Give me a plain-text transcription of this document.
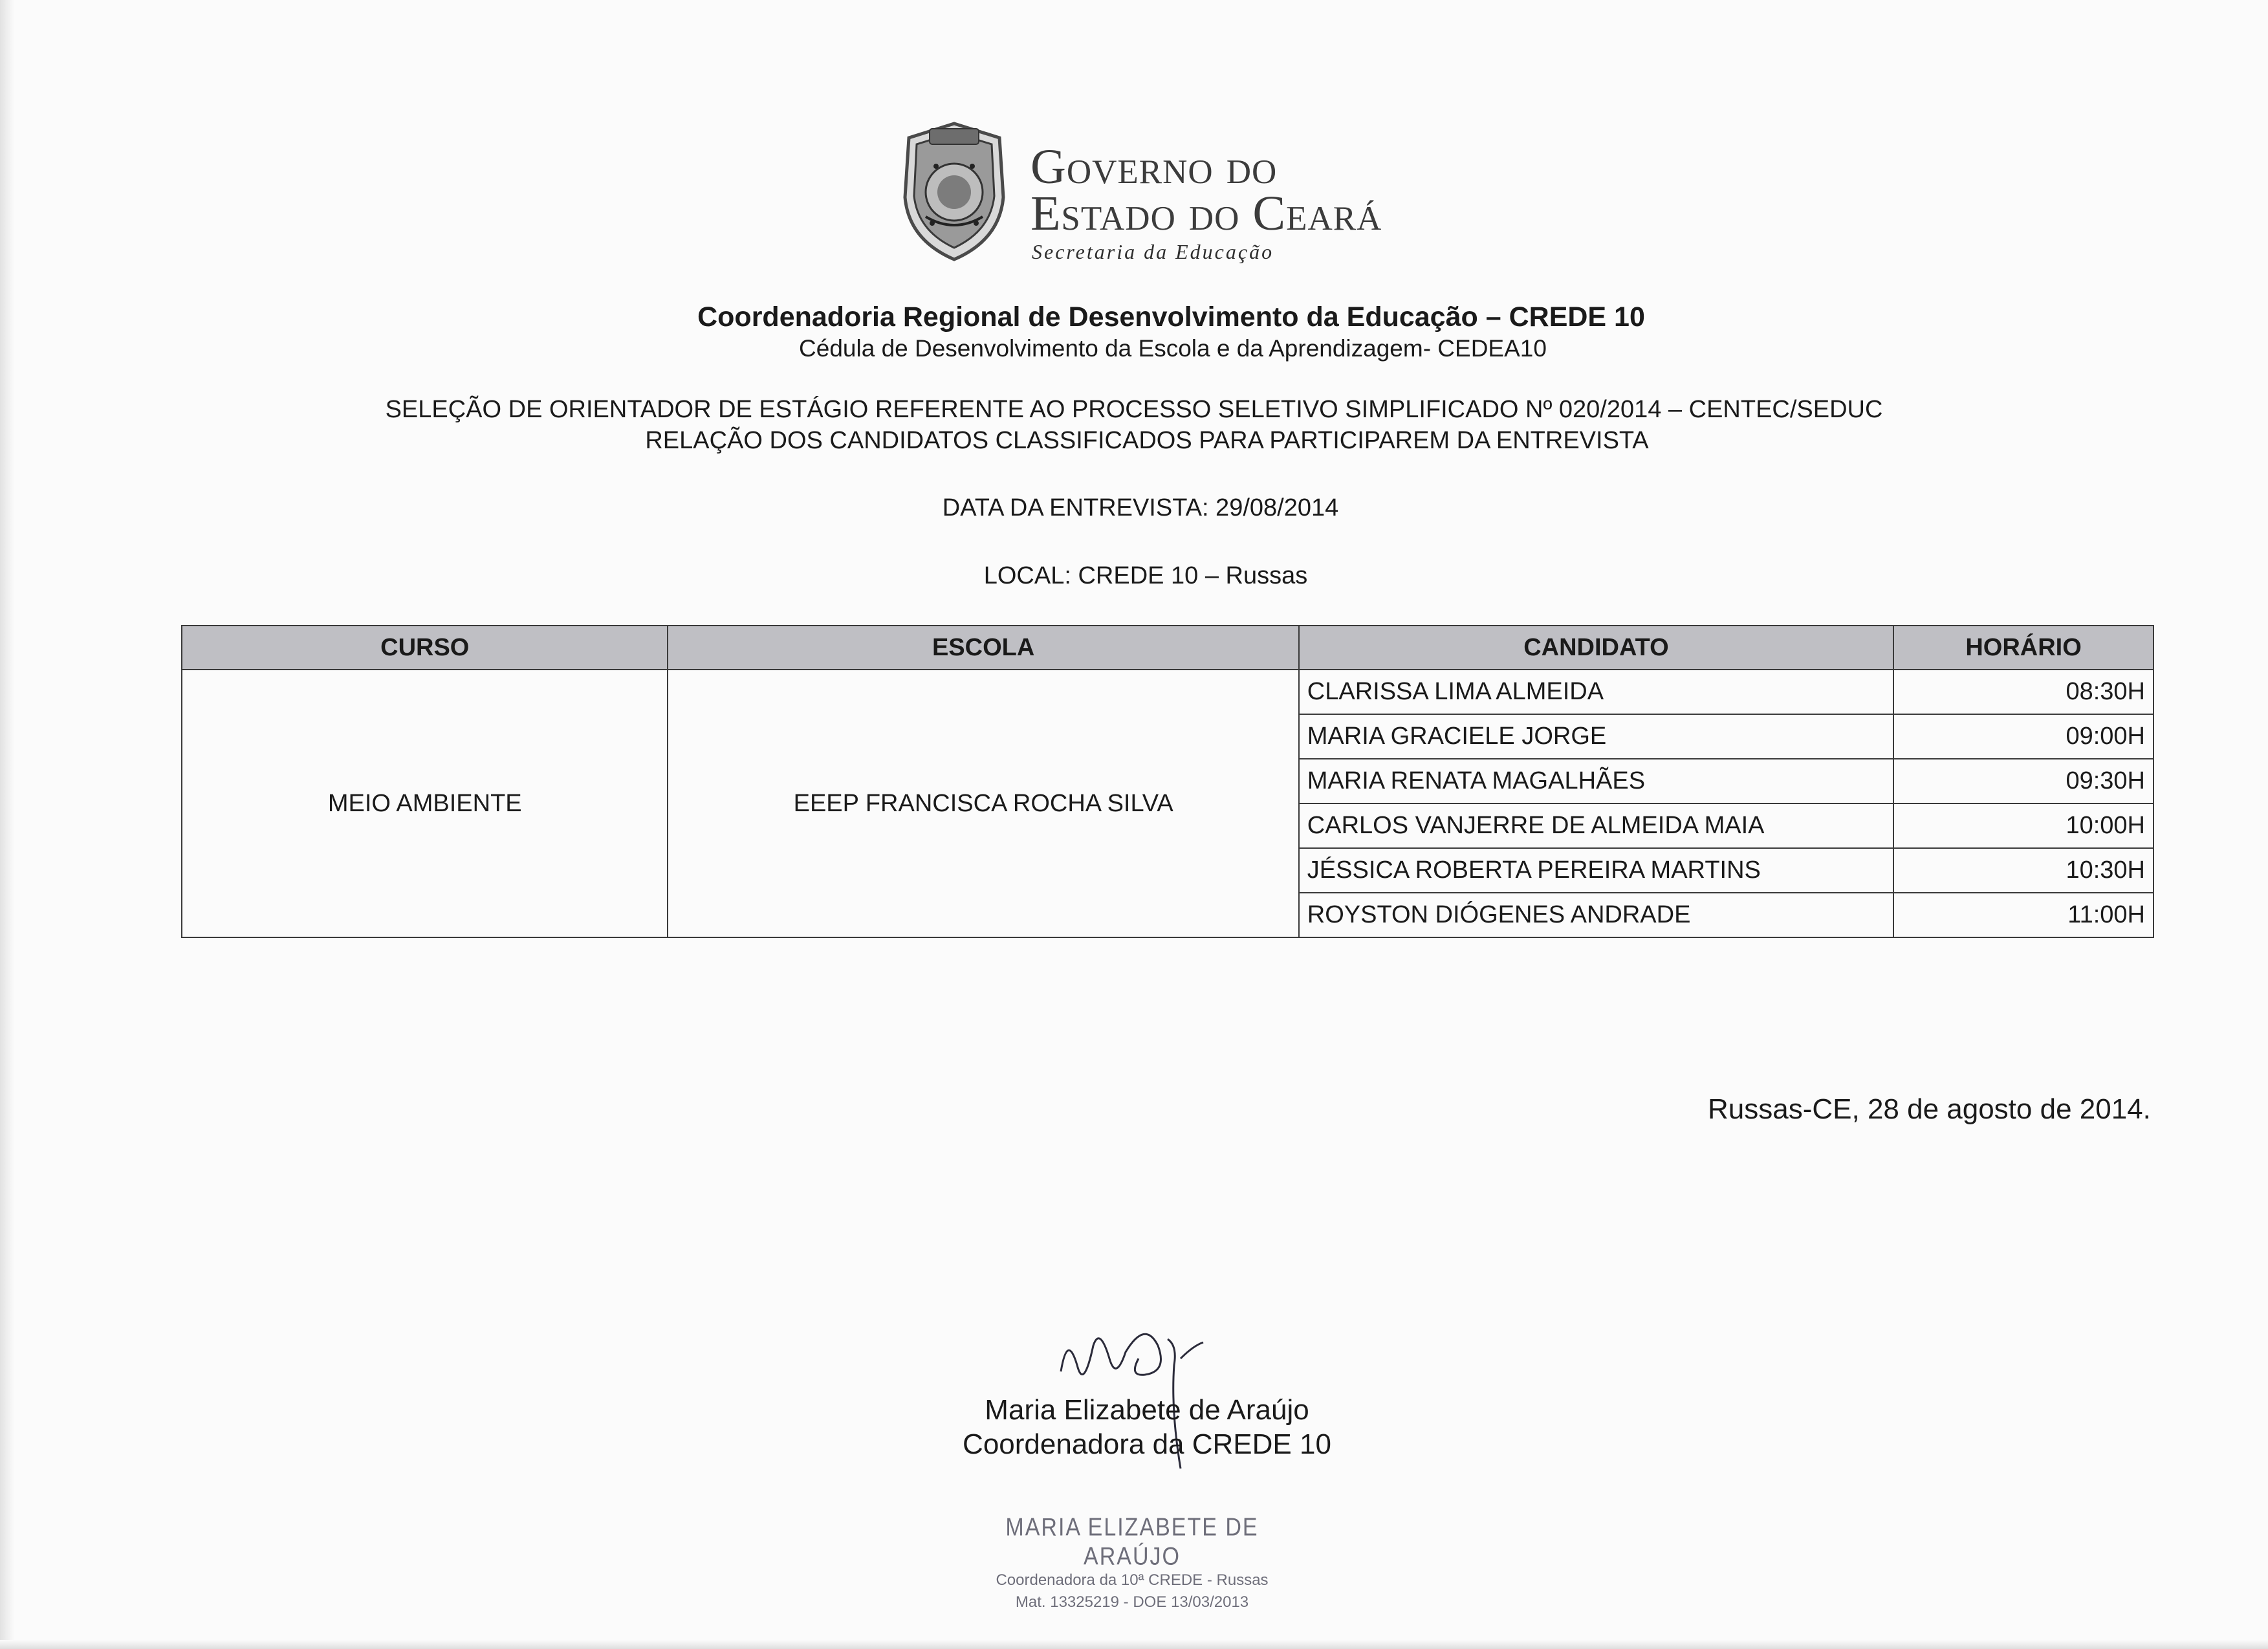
Governo do
Estado do Ceará
Secretaria da Educação
Coordenadoria Regional de Desenvolvimento da Educação – CREDE 10
Cédula de Desenvolvimento da Escola e da Aprendizagem- CEDEA10
SELEÇÃO DE ORIENTADOR DE ESTÁGIO REFERENTE AO PROCESSO SELETIVO SIMPLIFICADO Nº 020/2014 – CENTEC/SEDUC
RELAÇÃO DOS CANDIDATOS CLASSIFICADOS PARA PARTICIPAREM DA ENTREVISTA
DATA DA ENTREVISTA: 29/08/2014
LOCAL: CREDE 10 – Russas
CURSO	ESCOLA	CANDIDATO	HORÁRIO
MEIO AMBIENTE	EEEP FRANCISCA ROCHA SILVA	CLARISSA LIMA ALMEIDA	08:30H
		MARIA GRACIELE JORGE	09:00H
		MARIA RENATA MAGALHÃES	09:30H
		CARLOS VANJERRE DE ALMEIDA MAIA	10:00H
		JÉSSICA ROBERTA PEREIRA MARTINS	10:30H
		ROYSTON DIÓGENES ANDRADE	11:00H
Russas-CE, 28 de agosto de 2014.
Maria Elizabete de Araújo
Coordenadora da CREDE 10
MARIA ELIZABETE DE ARAÚJO
Coordenadora da 10ª CREDE - Russas
Mat. 13325219 - DOE 13/03/2013
